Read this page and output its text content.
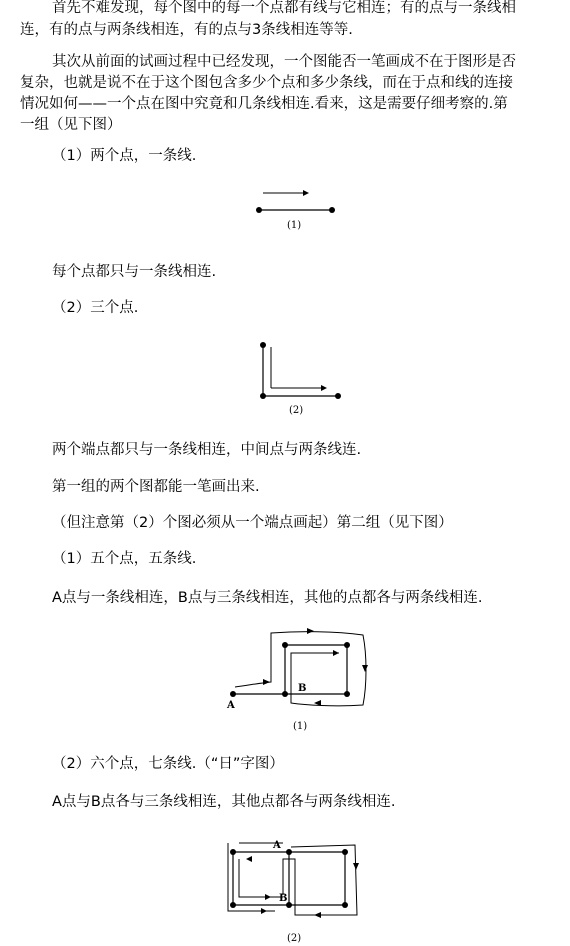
首先不难发现，每个图中的每一个点都有线与它相连；有的点与一条线相
连，有的点与两条线相连，有的点与3条线相连等等.
其次从前面的试画过程中已经发现，一个图能否一笔画成不在于图形是否
复杂，也就是说不在于这个图包含多少个点和多少条线，而在于点和线的连接
情况如何——一个点在图中究竟和几条线相连.看来，这是需要仔细考察的.第
一组（见下图）
（1）两个点，一条线.
(1)
每个点都只与一条线相连.
（2）三个点.
(2)
两个端点都只与一条线相连，中间点与两条线连.
第一组的两个图都能一笔画出来.
（但注意第（2）个图必须从一个端点画起）第二组（见下图）
（1）五个点，五条线.
A点与一条线相连，B点与三条线相连，其他的点都各与两条线相连.
A
B
(1)
（2）六个点，七条线.（“日”字图）
A点与B点各与三条线相连，其他点都各与两条线相连.
A
B
(2)
